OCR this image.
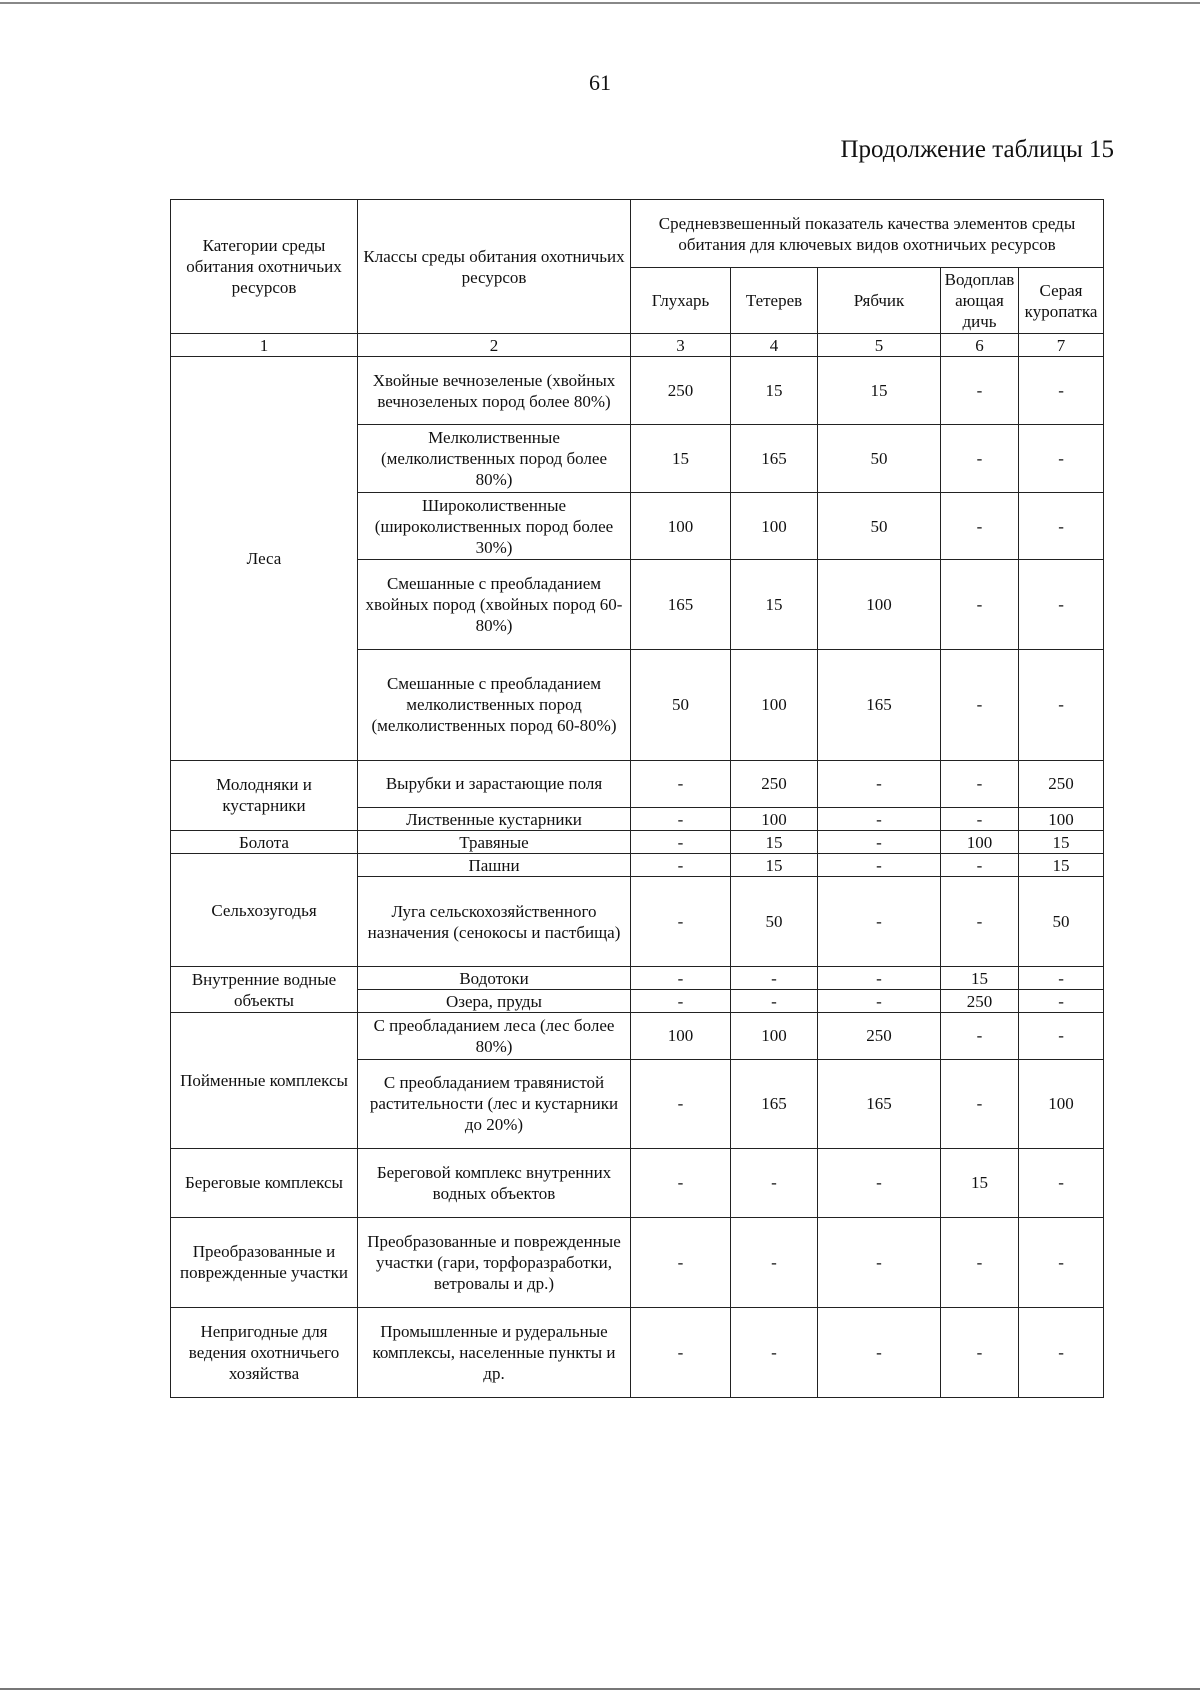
61
Продолжение таблицы 15
Категории среды обитания охотничьих ресурсов	Классы среды обитания охотничьих ресурсов	Средневзвешенный показатель качества элементов среды обитания для ключевых видов охотничьих ресурсов				
		Глухарь	Тетерев	Рябчик	Водоплавающая дичь	Серая куропатка
1	2	3	4	5	6	7
Леса	Хвойные вечнозеленые (хвойных вечнозеленых пород более 80%)	250	15	15	-	-
	Мелколиственные (мелколиственных пород более 80%)	15	165	50	-	-
	Широколиственные (широколиственных пород более 30%)	100	100	50	-	-
	Смешанные с преобладанием хвойных пород (хвойных пород 60-80%)	165	15	100	-	-
	Смешанные с преобладанием мелколиственных пород (мелколиственных пород 60-80%)	50	100	165	-	-
Молодняки и кустарники	Вырубки и зарастающие поля	-	250	-	-	250
	Лиственные кустарники	-	100	-	-	100
Болота	Травяные	-	15	-	100	15
Сельхозугодья	Пашни	-	15	-	-	15
	Луга сельскохозяйственного назначения (сенокосы и пастбища)	-	50	-	-	50
Внутренние водные объекты	Водотоки	-	-	-	15	-
	Озера, пруды	-	-	-	250	-
Пойменные комплексы	С преобладанием леса (лес более 80%)	100	100	250	-	-
	С преобладанием травянистой растительности (лес и кустарники до 20%)	-	165	165	-	100
Береговые комплексы	Береговой комплекс внутренних водных объектов	-	-	-	15	-
Преобразованные и поврежденные участки	Преобразованные и поврежденные участки (гари, торфоразработки, ветровалы и др.)	-	-	-	-	-
Непригодные для ведения охотничьего хозяйства	Промышленные и рудеральные комплексы, населенные пункты и др.	-	-	-	-	-
